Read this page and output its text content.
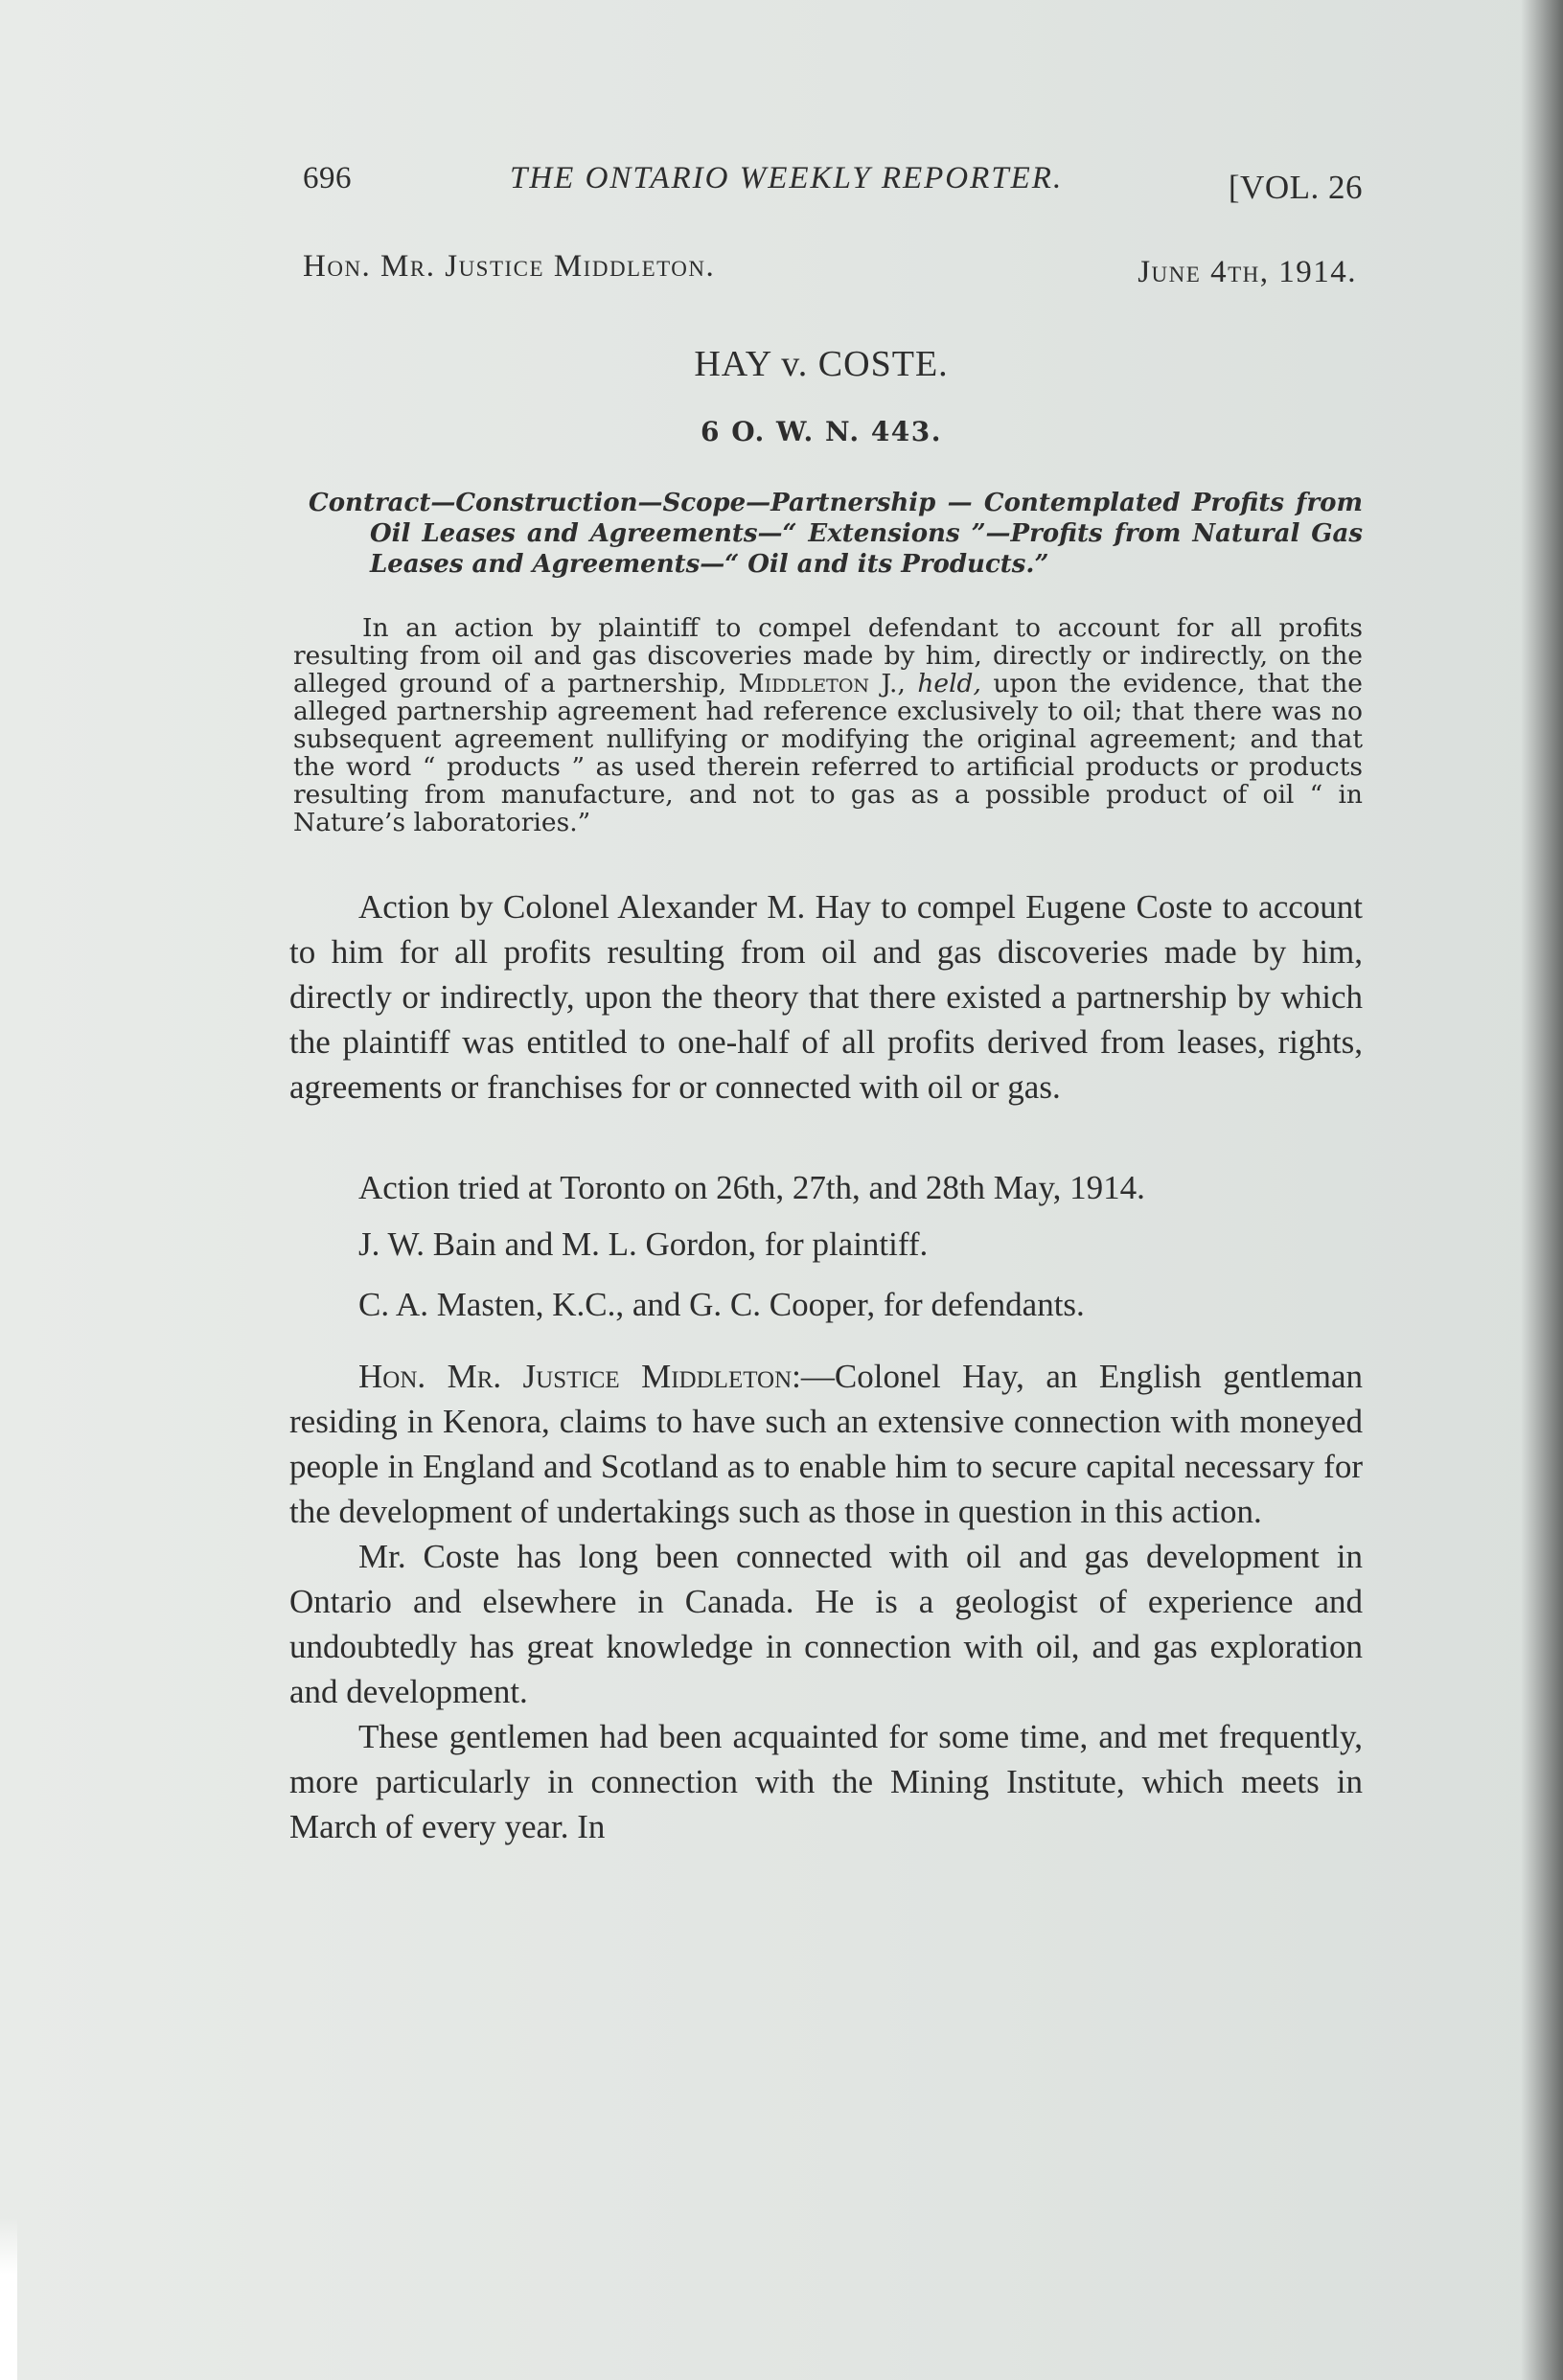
696	THE ONTARIO WEEKLY REPORTER.	[VOL. 26
Hon. Mr. Justice Middleton.	June 4th, 1914.
HAY v. COSTE.
6 O. W. N. 443.

Contract—Construction—Scope—Partnership — Contemplated Profits from Oil Leases and Agreements—“ Extensions ”—Profits from Natural Gas Leases and Agreements—“ Oil and its Products.”

In an action by plaintiff to compel defendant to account for all profits resulting from oil and gas discoveries made by him, directly or indirectly, on the alleged ground of a partnership, Middleton J., held, upon the evidence, that the alleged partnership agreement had reference exclusively to oil; that there was no subsequent agreement nullifying or modifying the original agreement; and that the word “ products ” as used therein referred to artificial products or products resulting from manufacture, and not to gas as a possible product of oil “ in Nature’s laboratories.”

Action by Colonel Alexander M. Hay to compel Eugene Coste to account to him for all profits resulting from oil and gas discoveries made by him, directly or indirectly, upon the theory that there existed a partnership by which the plaintiff was entitled to one-half of all profits derived from leases, rights, agreements or franchises for or connected with oil or gas.

Action tried at Toronto on 26th, 27th, and 28th May, 1914.

J. W. Bain and M. L. Gordon, for plaintiff.

C. A. Masten, K.C., and G. C. Cooper, for defendants.

Hon. Mr. Justice Middleton:—Colonel Hay, an English gentleman residing in Kenora, claims to have such an extensive connection with moneyed people in England and Scotland as to enable him to secure capital necessary for the development of undertakings such as those in question in this action.

Mr. Coste has long been connected with oil and gas development in Ontario and elsewhere in Canada. He is a geologist of experience and undoubtedly has great knowledge in connection with oil, and gas exploration and development.

These gentlemen had been acquainted for some time, and met frequently, more particularly in connection with the Mining Institute, which meets in March of every year. In
